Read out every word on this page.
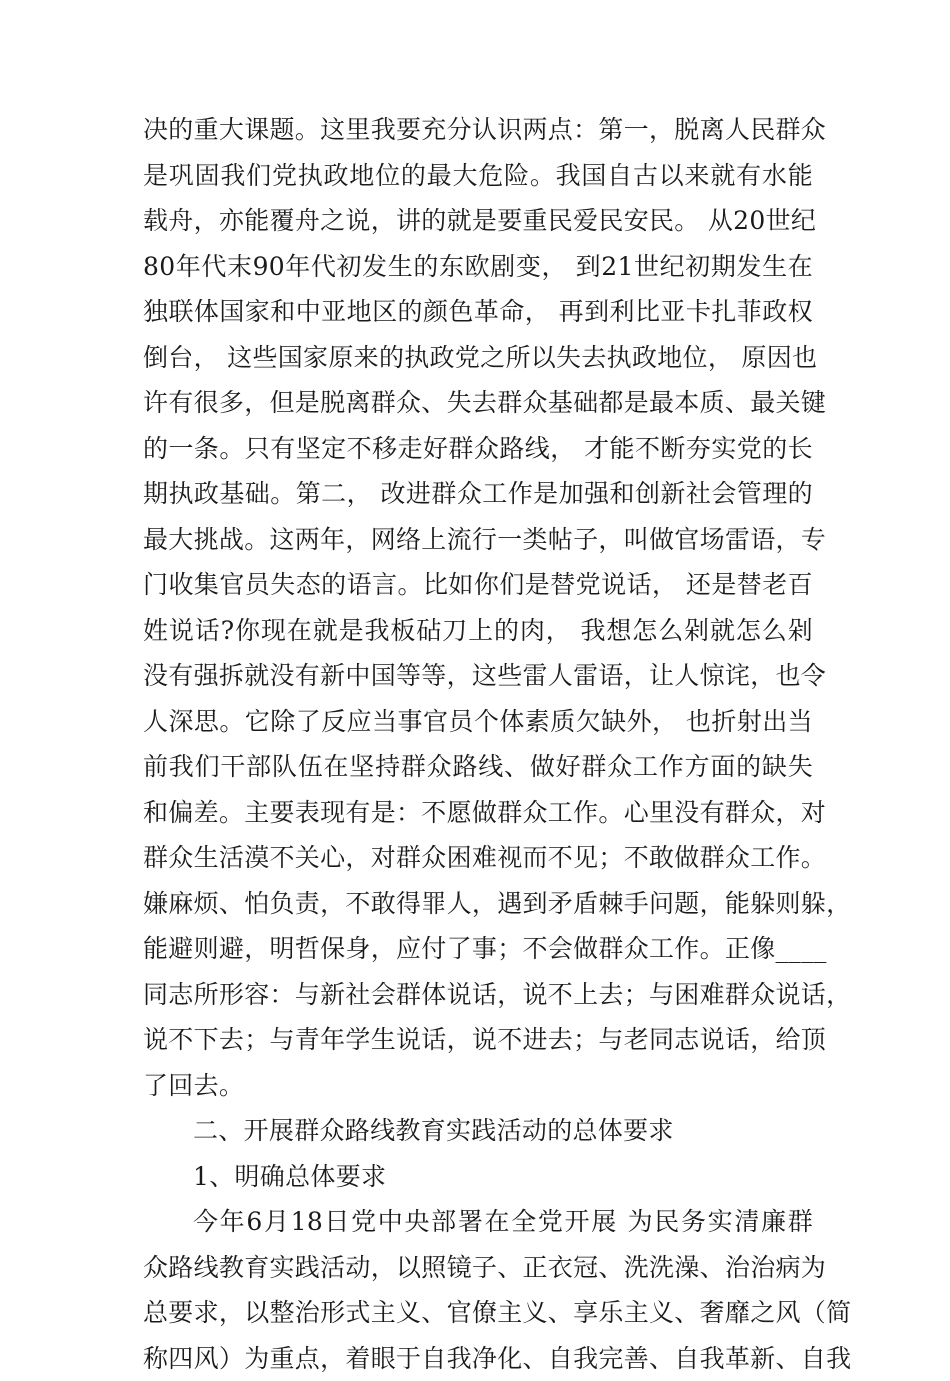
决的重大课题。这里我要充分认识两点：第一，脱离人民群众
是巩固我们党执政地位的最大危险。我国自古以来就有水能
载舟，亦能覆舟之说，讲的就是要重民爱民安民。 从20世纪
80年代末90年代初发生的东欧剧变， 到21世纪初期发生在
独联体国家和中亚地区的颜色革命， 再到利比亚卡扎菲政权
倒台， 这些国家原来的执政党之所以失去执政地位， 原因也
许有很多，但是脱离群众、失去群众基础都是最本质、最关键
的一条。只有坚定不移走好群众路线， 才能不断夯实党的长
期执政基础。第二， 改进群众工作是加强和创新社会管理的
最大挑战。这两年，网络上流行一类帖子，叫做官场雷语，专
门收集官员失态的语言。比如你们是替党说话， 还是替老百
姓说话?你现在就是我板砧刀上的肉， 我想怎么剁就怎么剁
没有强拆就没有新中国等等，这些雷人雷语，让人惊诧，也令
人深思。它除了反应当事官员个体素质欠缺外， 也折射出当
前我们干部队伍在坚持群众路线、做好群众工作方面的缺失
和偏差。主要表现有是：不愿做群众工作。心里没有群众，对
群众生活漠不关心，对群众困难视而不见；不敢做群众工作。
嫌麻烦、怕负责，不敢得罪人，遇到矛盾棘手问题，能躲则躲，
能避则避，明哲保身，应付了事；不会做群众工作。正像____
同志所形容：与新社会群体说话，说不上去；与困难群众说话，
说不下去；与青年学生说话，说不进去；与老同志说话，给顶
了回去。
二、开展群众路线教育实践活动的总体要求
1、明确总体要求
今年6月18日党中央部署在全党开展 为民务实清廉群
众路线教育实践活动，以照镜子、正衣冠、洗洗澡、治治病为
总要求，以整治形式主义、官僚主义、享乐主义、奢靡之风（简
称四风）为重点，着眼于自我净化、自我完善、自我革新、自我
